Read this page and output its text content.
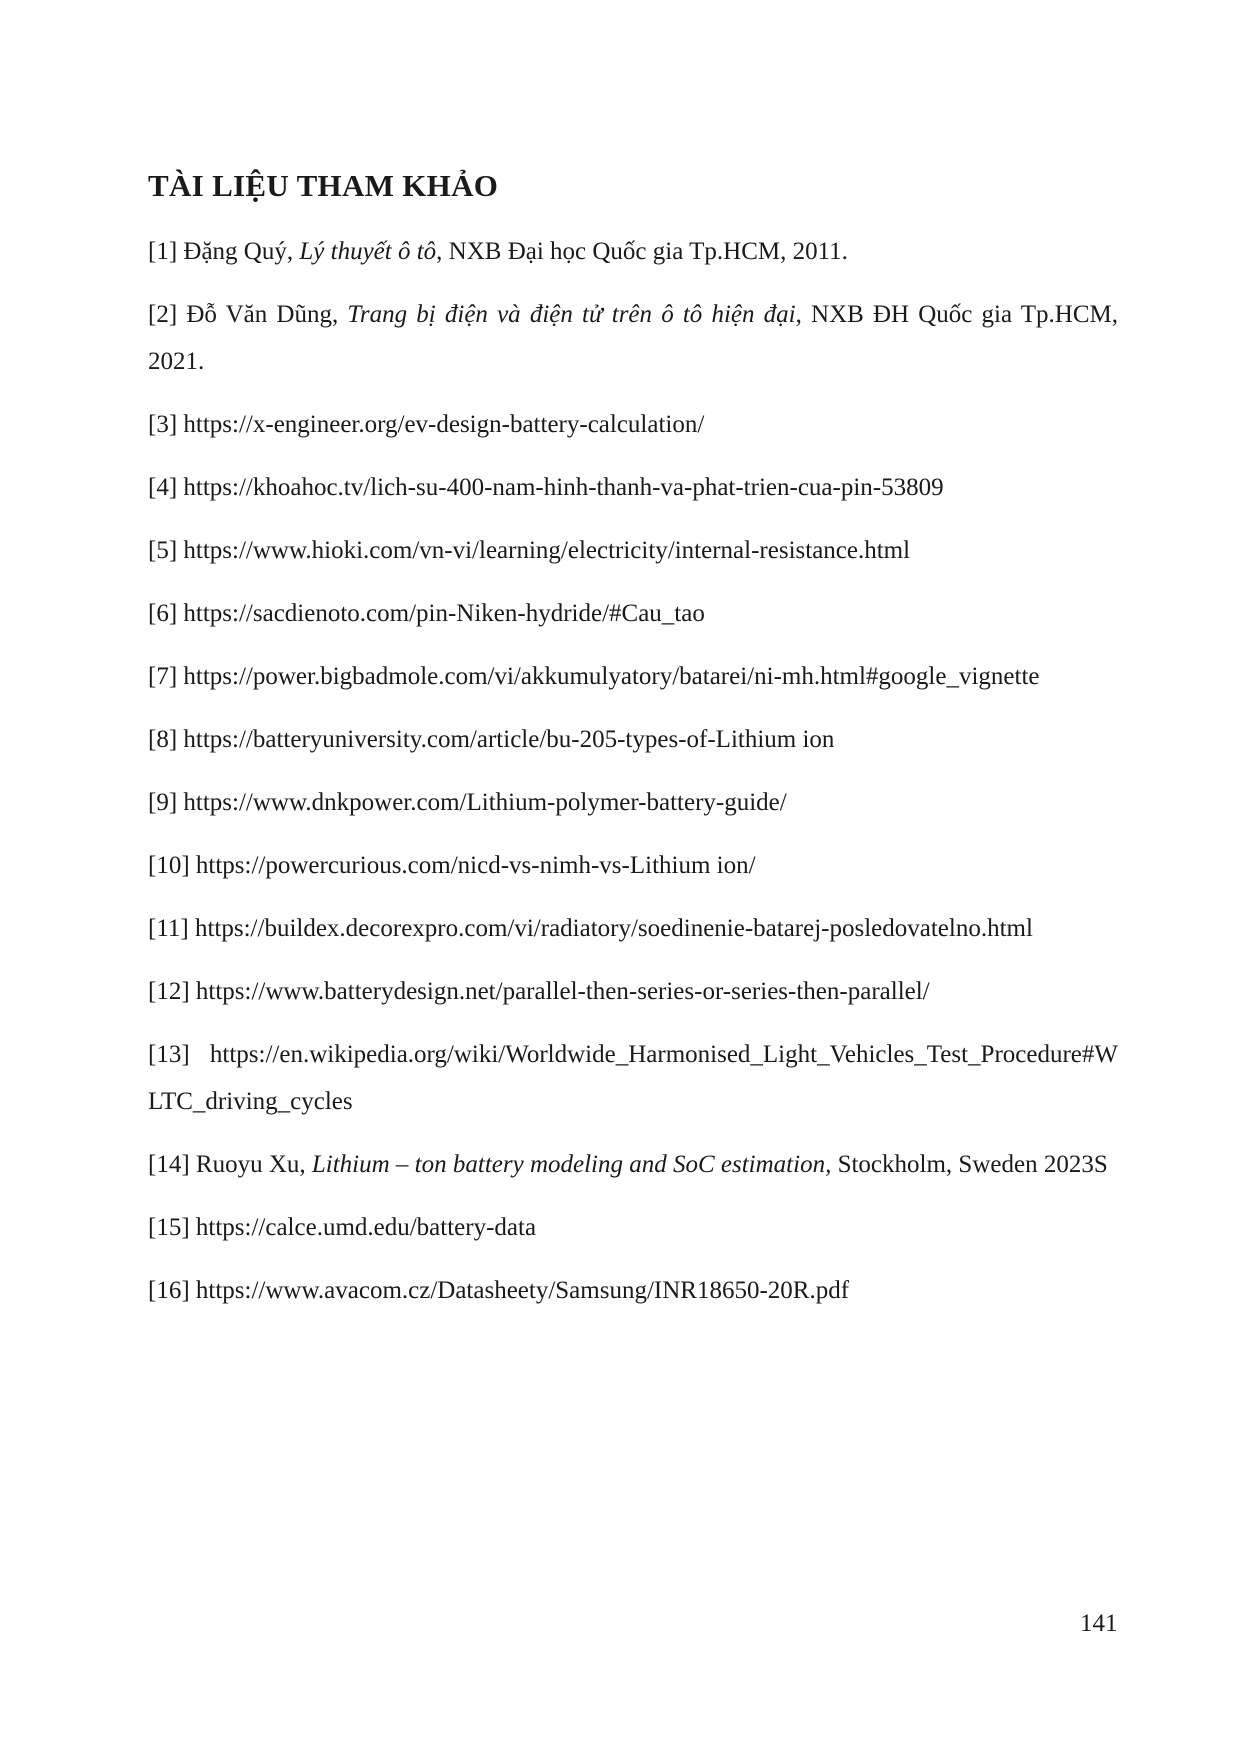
TÀI LIỆU THAM KHẢO
[1] Đặng Quý, Lý thuyết ô tô, NXB Đại học Quốc gia Tp.HCM, 2011.
[2] Đỗ Văn Dũng, Trang bị điện và điện tử trên ô tô hiện đại, NXB ĐH Quốc gia Tp.HCM, 2021.
[3] https://x-engineer.org/ev-design-battery-calculation/
[4] https://khoahoc.tv/lich-su-400-nam-hinh-thanh-va-phat-trien-cua-pin-53809
[5] https://www.hioki.com/vn-vi/learning/electricity/internal-resistance.html
[6] https://sacdienoto.com/pin-Niken-hydride/#Cau_tao
[7] https://power.bigbadmole.com/vi/akkumulyatory/batarei/ni-mh.html#google_vignette
[8] https://batteryuniversity.com/article/bu-205-types-of-Lithium ion
[9] https://www.dnkpower.com/Lithium-polymer-battery-guide/
[10] https://powercurious.com/nicd-vs-nimh-vs-Lithium ion/
[11] https://buildex.decorexpro.com/vi/radiatory/soedinenie-batarej-posledovatelno.html
[12] https://www.batterydesign.net/parallel-then-series-or-series-then-parallel/
[13] https://en.wikipedia.org/wiki/Worldwide_Harmonised_Light_Vehicles_Test_Procedure#WLTC_driving_cycles
[14] Ruoyu Xu, Lithium – ton battery modeling and SoC estimation, Stockholm, Sweden 2023S
[15] https://calce.umd.edu/battery-data
[16] https://www.avacom.cz/Datasheety/Samsung/INR18650-20R.pdf
141
